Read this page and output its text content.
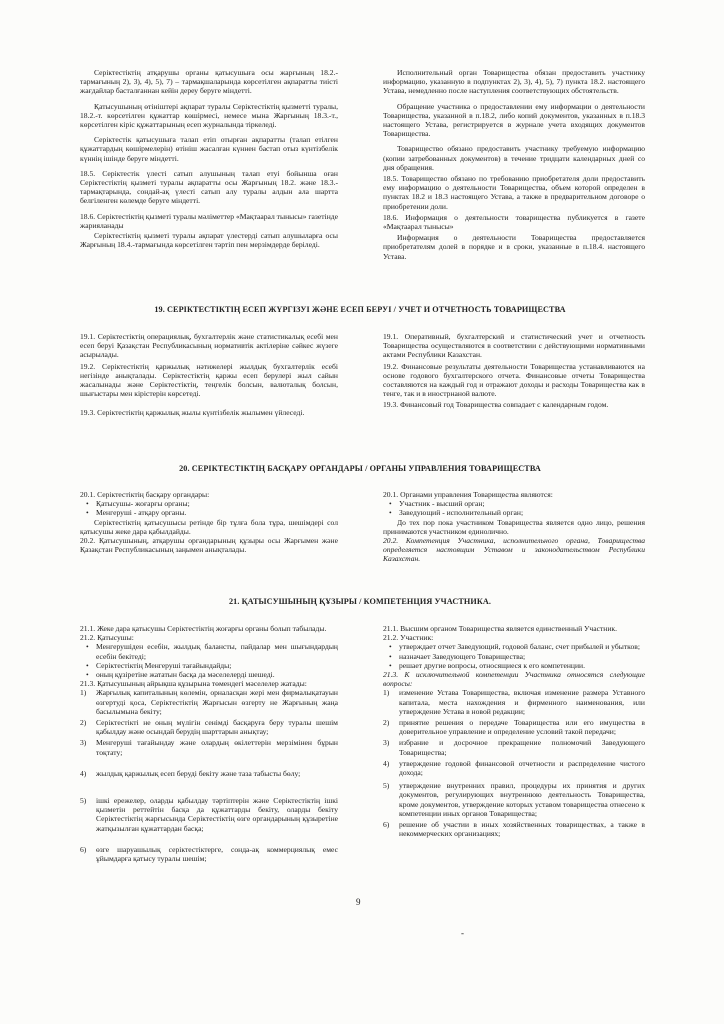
Серіктестіктің атқарушы органы қатысушыға осы жарғының 18.2.- тармағының 2), 3), 4), 5), 7) – тармақшаларында көрсетілген ақпаратты тиісті жағдайлар басталғаннан кейін дереу беруге міндетті.

Қатысушының өтініштері ақпарат туралы Серіктестіктің қызметті туралы, 18.2.-т. көрсетілген құжаттар көшірмесі, немесе мына Жарғының 18.3.-т., көрсетілген кіріс құжаттарының есеп журналында тіркеледі.

Серіктестік қатысушыға талап етіп отырған ақпаратты (талап етілген құжаттардың көшірмелерін) өтініш жасалған күннен бастап отыз күнтізбелік күннің ішінде беруге міндетті.

18.5. Серіктестік үлесті сатып алушының талап етуі бойынша оған Серіктестіктің қызметі туралы ақпаратты осы Жарғының 18.2. және 18.3.-тармақтарында, сондай-ақ үлесті сатып алу туралы алдын ала шартта белгіленген көлемде беруге міндетті.

18.6. Серіктестіктің қызметі туралы мәліметтер «Мақтаарал тынысы» газетінде жарияланады

Серіктестіктің қызметі туралы ақпарат үлестерді сатып алушыларға осы Жарғының 18.4.-тармағында көрсетілген тәртіп пен мерзімдерде беріледі.

Исполнительный орган Товарищества обязан предоставить участнику информацию, указанную в подпунктах 2), 3), 4), 5), 7) пункта 18.2. настоящего Устава, немедленно после наступления соответствующих обстоятельств.

Обращение участника о предоставлении ему информации о деятельности Товарищества, указанной в п.18.2, либо копий документов, указанных в п.18.3 настоящего Устава, регистрируется в журнале учета входящих документов Товарищества.

Товарищество обязано предоставить участнику требуемую информацию (копии затребованных документов) в течение тридцати календарных дней со дня обращения.

18.5. Товарищество обязано по требованию приобретателя доли предоставить ему информацию о деятельности Товарищества, объем которой определен в пунктах 18.2 и 18.3 настоящего Устава, а также в предварительном договоре о приобретении доли.

18.6. Информация о деятельности товарищества публикуется в газете «Мақтаарал тынысы»

Информация о деятельности Товарищества предоставляется приобретателям долей в порядке и в сроки, указанные в п.18.4. настоящего Устава.

19. СЕРІКТЕСТІКТІҢ ЕСЕП ЖҮРГІЗУІ ЖӘНЕ ЕСЕП БЕРУІ / УЧЕТ И ОТЧЕТНОСТЬ ТОВАРИЩЕСТВА

19.1. Серіктестіктің операциялық, бухгалтерлік және статистикалық есебі мен есеп беруі Қазақстан Республикасының нормативтік актілеріне сәйкес жүзеге асырылады.

19.2. Серіктестіктің қаржылық нәтижелері жылдық бухгалтерлік есебі негізінде анықталады. Серіктестіктің қаржы есеп берулері жыл сайын жасалынады және Серіктестіктің, теңгелік болсын, валюталық болсын, шығыстары мен кірістерін көрсетеді.

19.3. Серіктестіктің қаржылық жылы күнтізбелік жылымен үйлеседі.

19.1. Оперативный, бухгалтерский и статистический учет и отчетность Товарищества осуществляются в соответствии с действующими нормативными актами Республики Казахстан.

19.2. Финансовые результаты деятельности Товарищества устанавливаются на основе годового бухгалтерского отчета. Финансовые отчеты Товарищества составляются на каждый год и отражают доходы и расходы Товарищества как в тенге, так и в инострнаной валюте.

19.3. Финансовый год Товарищества совпадает с календарным годом.

20. СЕРІКТЕСТІКТІҢ БАСҚАРУ ОРГАНДАРЫ / ОРГАНЫ УПРАВЛЕНИЯ ТОВАРИЩЕСТВА

20.1. Серіктестіктің басқару органдары:

• Қатысушы- жоғарғы органы;
• Менгеруші - атқару органы.

Серіктестіктің қатысушысы ретінде бір тұлға бола тұра, шешімдері сол қатысушы жеке дара қабылдайды.

20.2. Қатысушының, атқарушы органдарының құзыры осы Жарғымен және Қазақстан Республикасының заңымен анықталады.

20.1. Органами управления Товарищества являются:

• Участник - высший орган;
• Заведующий - исполнительный орган;

До тех пор пока участником Товарищества является одно лицо, решения принимаются участником единолично.

20.2. Компетенция Участника, исполнительного органа, Товарищества определяется настоящим Уставом и законодательством Республики Казахстан.

21. ҚАТЫСУШЫНЫҢ ҚҰЗЫРЫ / КОМПЕТЕНЦИЯ УЧАСТНИКА.

21.1. Жеке дара қатысушы Серіктестіктің жоғарғы органы болып табылады.

21.2. Қатысушы:

• Менгерушіден есебін, жылдық балансты, пайдалар мен шығындардың есебін бекітеді;
• Серіктестіктің Менгеруші тағайындайды;
• оның құзіретіне жататын басқа да мәселелерді шешеді.

21.3. Қатысушының айрықша құзырына төмендегі мәселелер жатады:

1)	Жарғылық капиталының көлемін, орналасқан жері мен фирмалықатауын өзгертуді қоса, Серіктестіктің Жарғысын өзгерту не Жарғының жаңа басылымына бекіту;
2)	Серіктестікті не оның мүлігін сенімді басқаруға беру туралы шешім қабылдау және осындай берудің шарттарын анықтау;
3)	Менгеруші тағайындау және олардың өкілеттерін мерзімінен бұрын тоқтату;
4)	жылдық қаржылық есеп беруді бекіту және таза табысты бөлу;
5)	ішкі ережелер, оларды қабылдау тәртіптерін және Серіктестіктің ішкі қызметін реттейтін басқа да құжаттарды бекіту, оларды бекіту Серіктестіктің жарғысында Серіктестіктің өзге органдарының құзыретіне жатқызылған құжаттардан басқа;
6)	өзге шаруашылық серіктестіктерге, сонда-ақ коммерциялық емес ұйымдарға қатысу туралы шешім;

21.1. Высшим органом Товарищества является единственный Участник.

21.2. Участник:

• утверждает отчет Заведующий, годовой баланс, счет прибылей и убытков;
• назначает Заведующего Товарищества;
• решает другие вопросы, относящиеся к его компетенции.

21.3. К исключительной компетенции Участника относятся следующие вопросы:

1)	изменение Устава Товарищества, включая изменение размера Уставного капитала, места нахождения и фирменного наименования, или утверждение Устава в новой редакции;
2)	принятие решения о передаче Товарищества или его имущества в доверительное управление и определение условий такой передачи;
3)	избрание и досрочное прекращение полномочий Заведующего Товарищества;
4)	утверждение годовой финансовой отчетности и распределение чистого дохода;
5)	утверждение внутренних правил, процедуры их принятия и других документов, регулирующих внутреннюю деятельность Товарищества, кроме документов, утверждение которых уставом товарищества отнесено к компетенции иных органов Товарищества;
6)	решение об участии в иных хозяйственных товариществах, а также в некоммерческих организациях;
9
-
